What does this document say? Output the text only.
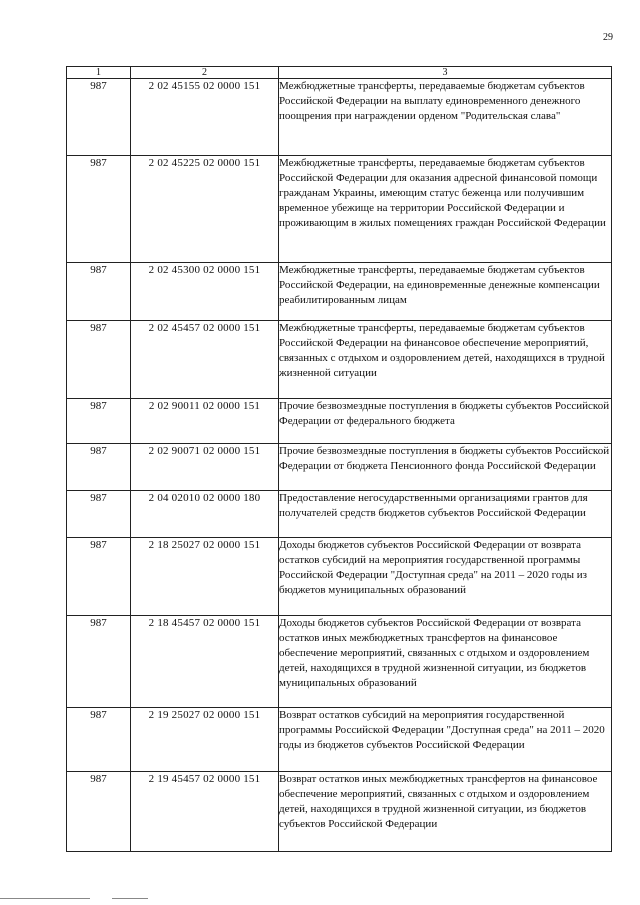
29
1	2	3
987	2 02 45155 02 0000 151	Межбюджетные трансферты, передаваемые бюджетам субъектов Российской Федерации на выплату единовременного денежного поощрения при награждении орденом "Родительская слава"
987	2 02 45225 02 0000 151	Межбюджетные трансферты, передаваемые бюджетам субъектов Российской Федерации для оказания адресной финансовой помощи гражданам Украины, имеющим статус беженца или получившим временное убежище на территории Российской Федерации и проживающим в жилых помещениях граждан Российской Федерации
987	2 02 45300 02 0000 151	Межбюджетные трансферты, передаваемые бюджетам субъектов Российской Федерации, на единовременные денежные компенсации реабилитированным лицам
987	2 02 45457 02 0000 151	Межбюджетные трансферты, передаваемые бюджетам субъектов Российской Федерации на финансовое обеспечение мероприятий, связанных с отдыхом и оздоровлением детей, находящихся в трудной жизненной ситуации
987	2 02 90011 02 0000 151	Прочие безвозмездные поступления в бюджеты субъектов Российской Федерации от федерального бюджета
987	2 02 90071 02 0000 151	Прочие безвозмездные поступления в бюджеты субъектов Российской Федерации от бюджета Пенсионного фонда Российской Федерации
987	2 04 02010 02 0000 180	Предоставление негосударственными организациями грантов для получателей средств бюджетов субъектов Российской Федерации
987	2 18 25027 02 0000 151	Доходы бюджетов субъектов Российской Федерации от возврата остатков субсидий на мероприятия государственной программы Российской Федерации "Доступная среда" на 2011 – 2020 годы из бюджетов муниципальных образований
987	2 18 45457 02 0000 151	Доходы бюджетов субъектов Российской Федерации от возврата остатков иных межбюджетных трансфертов на финансовое обеспечение мероприятий, связанных с отдыхом и оздоровлением детей, находящихся в трудной жизненной ситуации, из бюджетов муниципальных образований
987	2 19 25027 02 0000 151	Возврат остатков субсидий на мероприятия государственной программы Российской Федерации "Доступная среда" на 2011 – 2020 годы из бюджетов субъектов Российской Федерации
987	2 19 45457 02 0000 151	Возврат остатков иных межбюджетных трансфертов на финансовое обеспечение мероприятий, связанных с отдыхом и оздоровлением детей, находящихся в трудной жизненной ситуации, из бюджетов субъектов Российской Федерации
